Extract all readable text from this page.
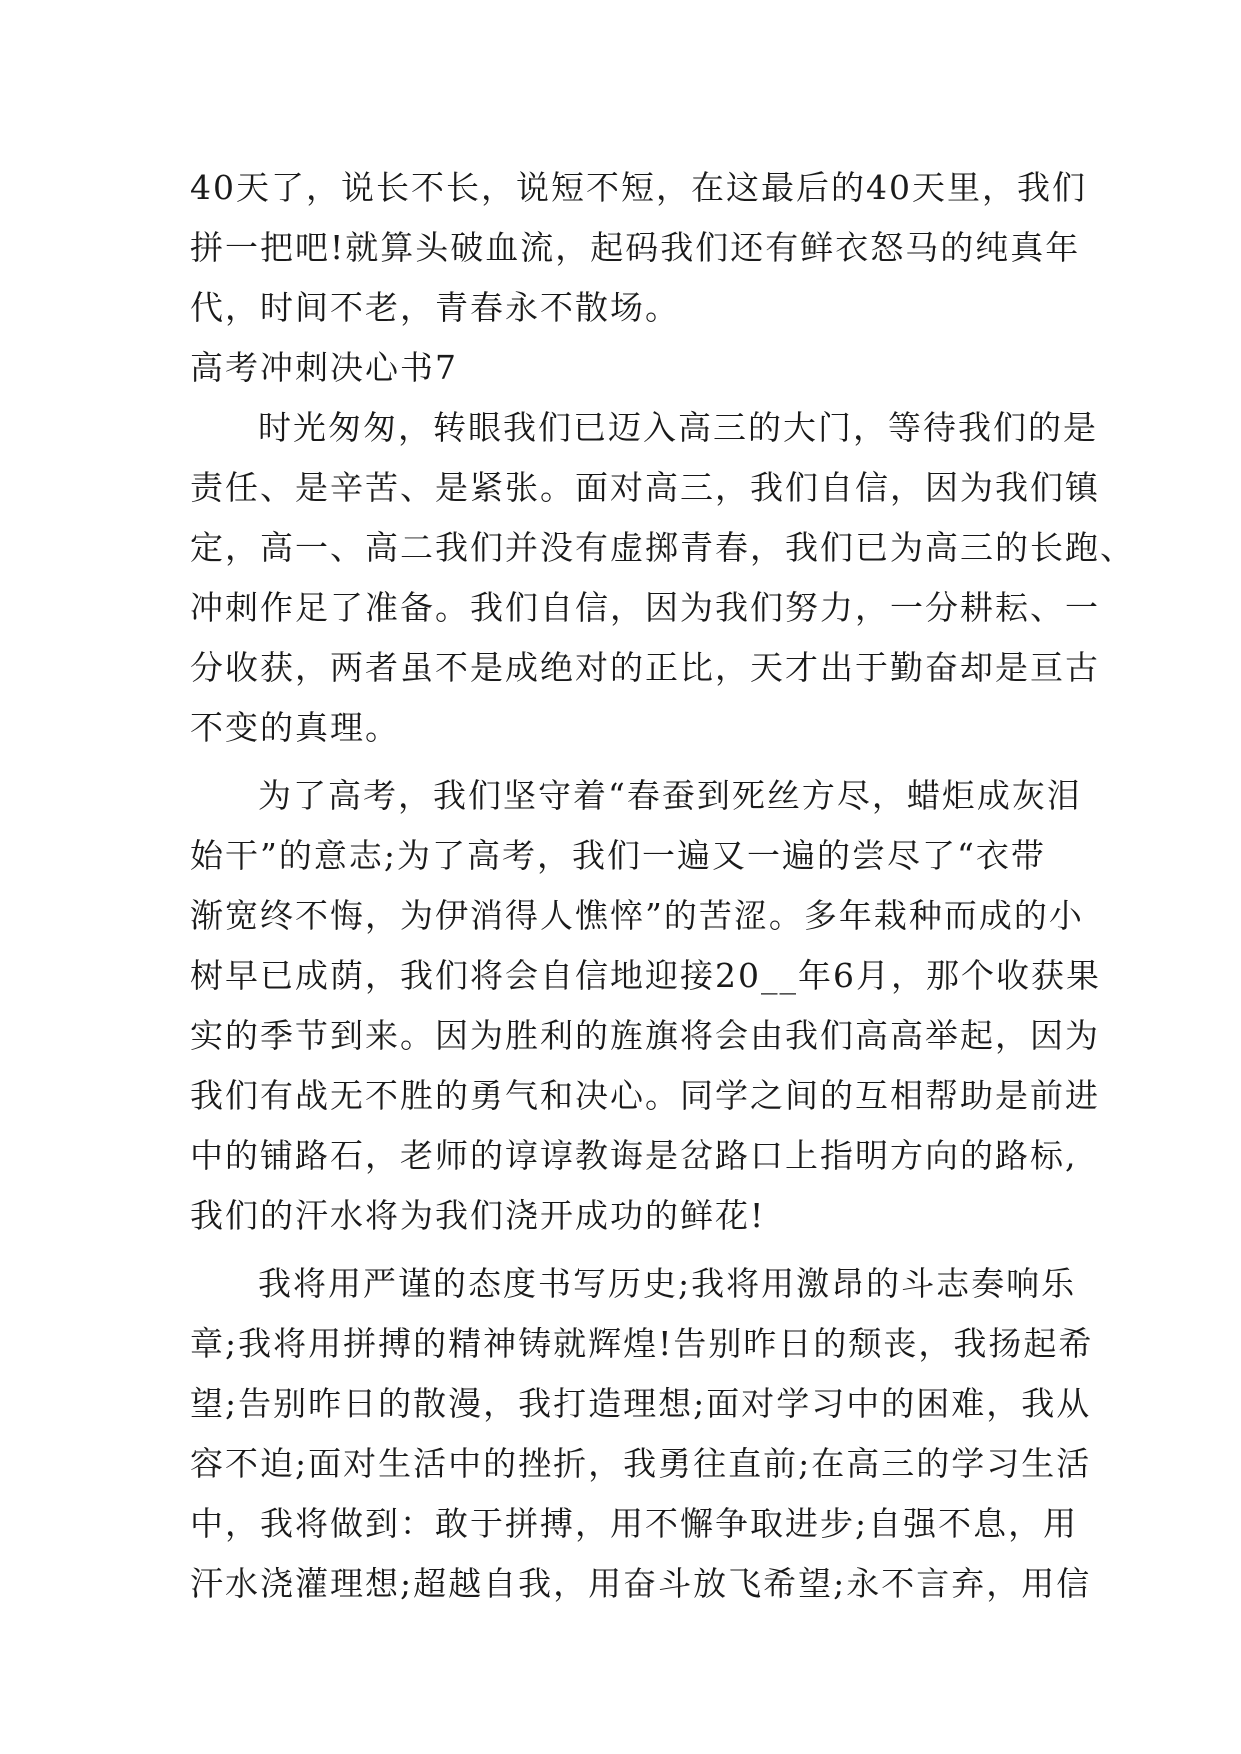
40天了，说长不长，说短不短，在这最后的40天里，我们
拼一把吧!就算头破血流，起码我们还有鲜衣怒马的纯真年
代，时间不老，青春永不散场。
高考冲刺决心书7
时光匆匆，转眼我们已迈入高三的大门，等待我们的是
责任、是辛苦、是紧张。面对高三，我们自信，因为我们镇
定，高一、高二我们并没有虚掷青春，我们已为高三的长跑、
冲刺作足了准备。我们自信，因为我们努力，一分耕耘、一
分收获，两者虽不是成绝对的正比，天才出于勤奋却是亘古
不变的真理。
为了高考，我们坚守着“春蚕到死丝方尽，蜡炬成灰泪
始干”的意志;为了高考，我们一遍又一遍的尝尽了“衣带
渐宽终不悔，为伊消得人憔悴”的苦涩。多年栽种而成的小
树早已成荫，我们将会自信地迎接20__年6月，那个收获果
实的季节到来。因为胜利的旌旗将会由我们高高举起，因为
我们有战无不胜的勇气和决心。同学之间的互相帮助是前进
中的铺路石，老师的谆谆教诲是岔路口上指明方向的路标,
我们的汗水将为我们浇开成功的鲜花!
我将用严谨的态度书写历史;我将用激昂的斗志奏响乐
章;我将用拼搏的精神铸就辉煌!告别昨日的颓丧，我扬起希
望;告别昨日的散漫，我打造理想;面对学习中的困难，我从
容不迫;面对生活中的挫折，我勇往直前;在高三的学习生活
中，我将做到：敢于拼搏，用不懈争取进步;自强不息，用
汗水浇灌理想;超越自我，用奋斗放飞希望;永不言弃，用信
